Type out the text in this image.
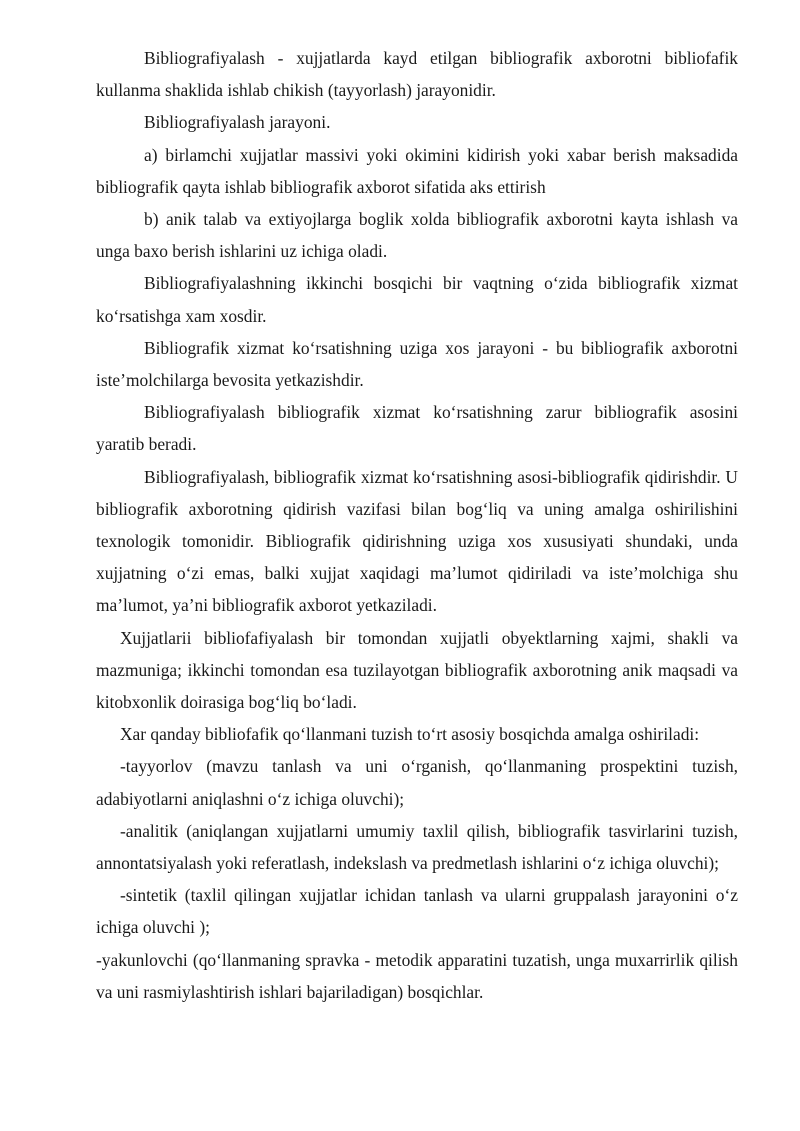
Bibliografiyalash - xujjatlarda kayd etilgan bibliografik axborotni bibliofafik kullanma shaklida ishlab chikish (tayyorlash) jarayonidir.

Bibliografiyalash jarayoni.

a) birlamchi xujjatlar massivi yoki okimini kidirish yoki xabar berish maksadida bibliografik qayta ishlab bibliografik axborot sifatida aks ettirish

b) anik talab va extiyojlarga boglik xolda bibliografik axborotni kayta ishlash va unga baxo berish ishlarini uz ichiga oladi.

Bibliografiyalashning ikkinchi bosqichi bir vaqtning o‘zida bibliografik xizmat ko‘rsatishga xam xosdir.

Bibliografik xizmat ko‘rsatishning uziga xos jarayoni - bu bibliografik axborotni iste’molchilarga bevosita yetkazishdir.

Bibliografiyalash bibliografik xizmat ko‘rsatishning zarur bibliografik asosini yaratib beradi.

Bibliografiyalash, bibliografik xizmat ko‘rsatishning asosi-bibliografik qidirishdir. U bibliografik axborotning qidirish vazifasi bilan bog‘liq va uning amalga oshirilishini texnologik tomonidir. Bibliografik qidirishning uziga xos xususiyati shundaki, unda xujjatning o‘zi emas, balki xujjat xaqidagi ma’lumot qidiriladi va iste’molchiga shu ma’lumot, ya’ni bibliografik axborot yetkaziladi.

Xujjatlarii bibliofafiyalash bir tomondan xujjatli obyektlarning xajmi, shakli va mazmuniga; ikkinchi tomondan esa tuzilayotgan bibliografik axborotning anik maqsadi va kitobxonlik doirasiga bog‘liq bo‘ladi.

Xar qanday bibliofafik qo‘llanmani tuzish to‘rt asosiy bosqichda amalga oshiriladi:

-tayyorlov (mavzu tanlash va uni o‘rganish, qo‘llanmaning prospektini tuzish, adabiyotlarni aniqlashni o‘z ichiga oluvchi);

-analitik (aniqlangan xujjatlarni umumiy taxlil qilish, bibliografik tasvirlarini tuzish, annontatsiyalash yoki referatlash, indekslash va predmetlash ishlarini o‘z ichiga oluvchi);

-sintetik (taxlil qilingan xujjatlar ichidan tanlash va ularni gruppalash jarayonini o‘z ichiga oluvchi );

-yakunlovchi (qo‘llanmaning spravka - metodik apparatini tuzatish, unga muxarrirlik qilish va uni rasmiylashtirish ishlari bajariladigan) bosqichlar.
